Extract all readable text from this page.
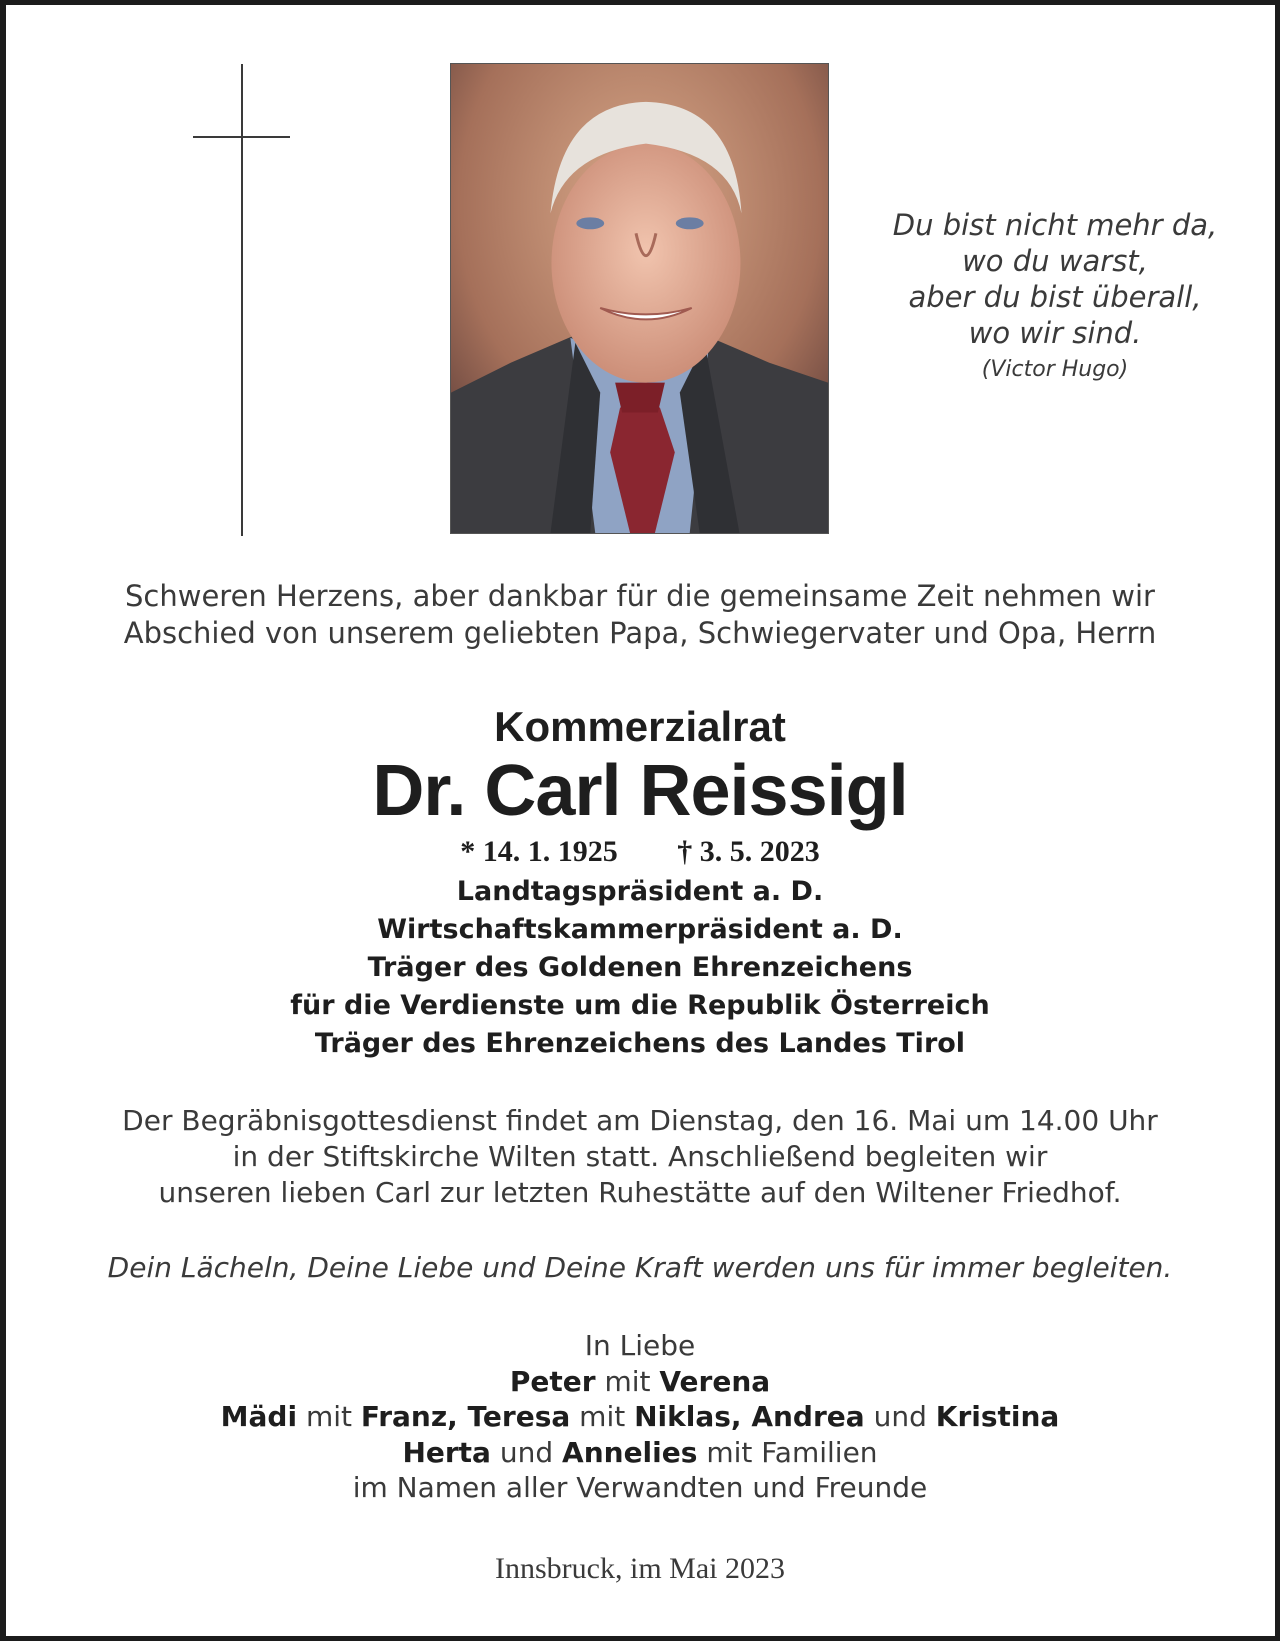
Du bist nicht mehr da,
wo du warst,
aber du bist überall,
wo wir sind.
(Victor Hugo)
Schweren Herzens, aber dankbar für die gemeinsame Zeit nehmen wir
Abschied von unserem geliebten Papa, Schwiegervater und Opa, Herrn
Kommerzialrat
Dr. Carl Reissigl
* 14. 1. 1925 † 3. 5. 2023
Landtagspräsident a. D.
Wirtschaftskammerpräsident a. D.
Träger des Goldenen Ehrenzeichens
für die Verdienste um die Republik Österreich
Träger des Ehrenzeichens des Landes Tirol
Der Begräbnisgottesdienst findet am Dienstag, den 16. Mai um 14.00 Uhr
in der Stiftskirche Wilten statt. Anschließend begleiten wir
unseren lieben Carl zur letzten Ruhestätte auf den Wiltener Friedhof.
Dein Lächeln, Deine Liebe und Deine Kraft werden uns für immer begleiten.
In Liebe
Peter mit Verena
Mädi mit Franz, Teresa mit Niklas, Andrea und Kristina
Herta und Annelies mit Familien
im Namen aller Verwandten und Freunde
Innsbruck, im Mai 2023
